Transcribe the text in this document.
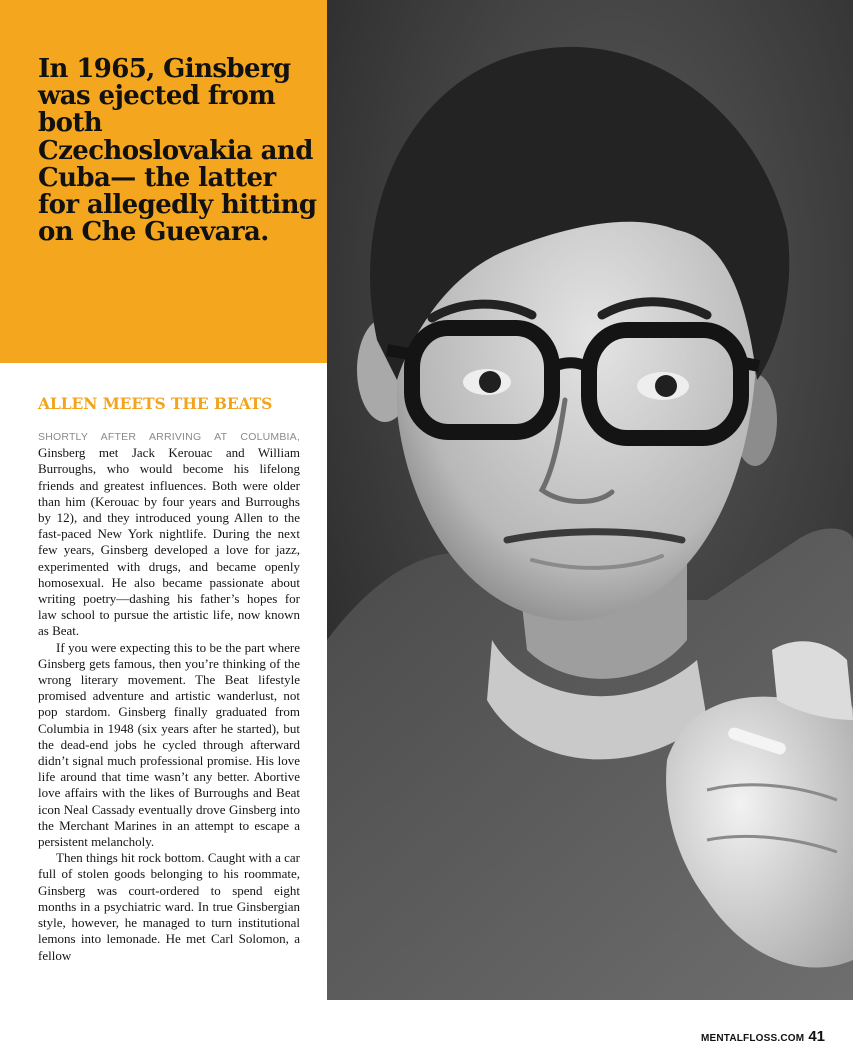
In 1965, Ginsberg was ejected from both Czechoslovakia and Cuba— the latter for allegedly hitting on Che Guevara.

ALLEN MEETS THE BEATS

SHORTLY AFTER ARRIVING AT COLUMBIA, Ginsberg met Jack Kerouac and William Burroughs, who would become his lifelong friends and greatest influences. Both were older than him (Kerouac by four years and Burroughs by 12), and they introduced young Allen to the fast-paced New York nightlife. During the next few years, Ginsberg developed a love for jazz, experimented with drugs, and became openly homosexual. He also became passionate about writing poetry—dashing his father’s hopes for law school to pursue the artistic life, now known as Beat.

If you were expecting this to be the part where Ginsberg gets famous, then you’re thinking of the wrong literary movement. The Beat lifestyle promised adventure and artistic wanderlust, not pop stardom. Ginsberg finally graduated from Columbia in 1948 (six years after he started), but the dead-end jobs he cycled through afterward didn’t signal much professional promise. His love life around that time wasn’t any better. Abortive love affairs with the likes of Burroughs and Beat icon Neal Cassady eventually drove Ginsberg into the Merchant Marines in an attempt to escape a persistent melancholy.

Then things hit rock bottom. Caught with a car full of stolen goods belonging to his roommate, Ginsberg was court-ordered to spend eight months in a psychiatric ward. In true Ginsbergian style, however, he managed to turn institutional lemons into lemonade. He met Carl Solomon, a fellow

MENTALFLOSS.COM 41
